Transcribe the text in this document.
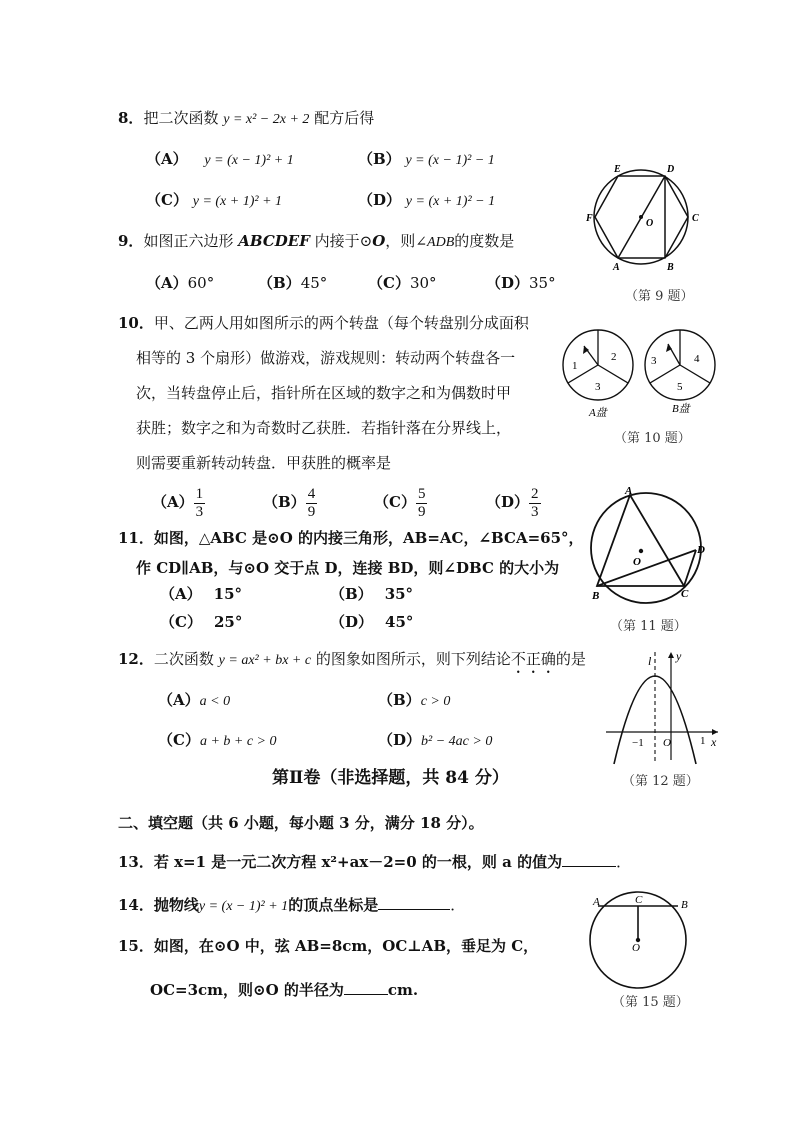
8．把二次函数 y = x² − 2x + 2 配方后得
（A） y = (x − 1)² + 1	（B） y = (x − 1)² − 1
（C） y = (x + 1)² + 1	（D） y = (x + 1)² − 1
E	D
F	C
A	B
O
（第 9 题）
9．如图正六边形 ABCDEF 内接于⊙O，则∠ADB的度数是
（A）60°	（B）45°	（C）30°	（D）35°
10．甲、乙两人用如图所示的两个转盘（每个转盘别分成面积
相等的 3 个扇形）做游戏，游戏规则：转动两个转盘各一
次，当转盘停止后，指针所在区域的数字之和为偶数时甲
获胜；数字之和为奇数时乙获胜．若指针落在分界线上，
则需要重新转动转盘．甲获胜的概率是
$(A) \frac{1}{3}$	$(B) \frac{4}{9}$	$(C) \frac{5}{9}$	$(D) \frac{2}{3}$
1
2
3
3	4
5
A盘	B盘
（第 10 题）
11．如图，△ABC 是⊙O 的内接三角形，AB=AC，∠BCA=65°，
作 CD∥AB，与⊙O 交于点 D，连接 BD，则∠DBC 的大小为
（A） 15°	（B） 35°
（C） 25°	（D） 45°
A
D
O
B	C
（第 11 题）
12．二次函数 y = ax² + bx + c 的图象如图所示，则下列结论不正确的是
（A）a < 0	（B）c > 0
（C）a + b + c > 0	（D）b² − 4ac > 0
l y
−1 O	1 x
（第 12 题）
第Ⅱ卷（非选择题，共 84 分）
二、填空题（共 6 小题，每小题 3 分，满分 18 分）。
13．若 x=1 是一元二次方程 x²+ax－2=0 的一根，则 a 的值为	．
14．抛物线y = (x − 1)² + 1的顶点坐标是	．
15．如图，在⊙O 中，弦 AB=8cm，OC⊥AB，垂足为 C，
OC=3cm，则⊙O 的半径为	cm.
A	C	B
O
（第 15 题）
